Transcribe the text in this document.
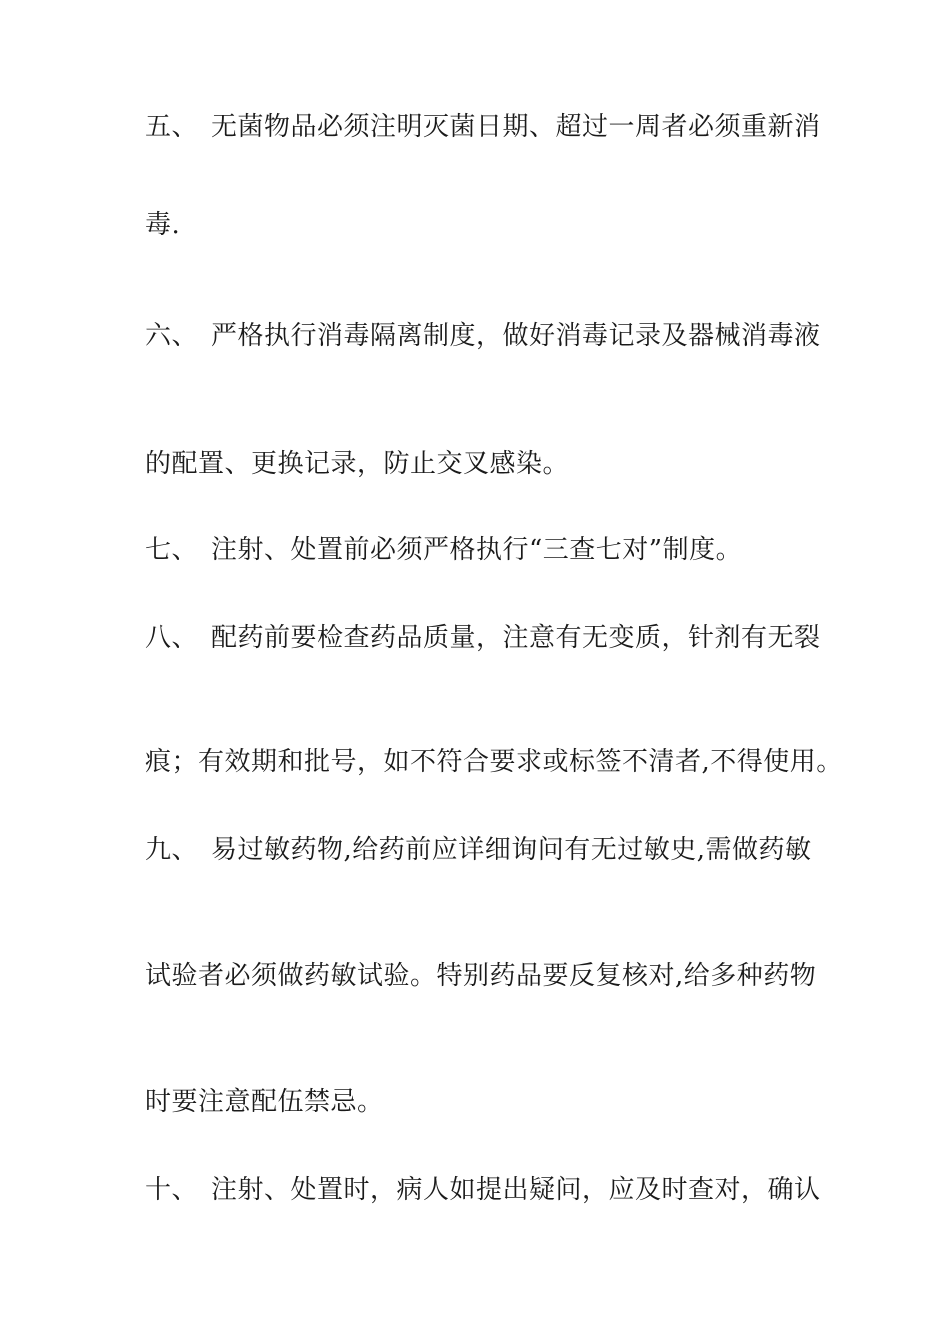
五、 无菌物品必须注明灭菌日期、超过一周者必须重新消
毒.
六、 严格执行消毒隔离制度，做好消毒记录及器械消毒液
的配置、更换记录，防止交叉感染。
七、 注射、处置前必须严格执行“三查七对”制度。
八、 配药前要检查药品质量，注意有无变质，针剂有无裂
痕；有效期和批号，如不符合要求或标签不清者,不得使用。
九、 易过敏药物,给药前应详细询问有无过敏史,需做药敏
试验者必须做药敏试验。特别药品要反复核对,给多种药物
时要注意配伍禁忌。
十、 注射、处置时，病人如提出疑问，应及时查对，确认
